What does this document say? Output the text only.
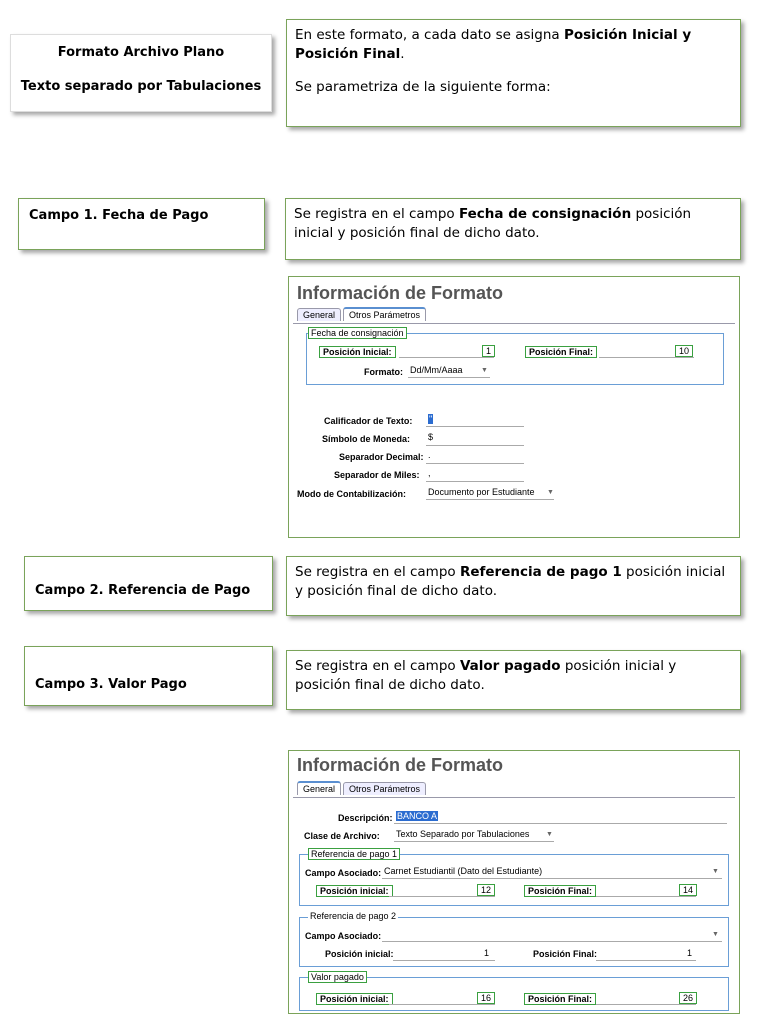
Formato Archivo Plano
Texto separado por Tabulaciones
En este formato, a cada dato se asigna Posición Inicial y Posición Final.
Se parametriza de la siguiente forma:
Campo 1. Fecha de Pago	Se registra en el campo Fecha de consignación posición inicial y posición final de dicho dato.
Información de Formato
General Otros Parámetros
Fecha de consignación
Posición Inicial:	1	Posición Final:	10
Formato: Dd/Mm/Aaaa	▼
Calificador de Texto: "
Símbolo de Moneda: $
Separador Decimal: .
Separador de Miles: ,
Modo de Contabilización: Documento por Estudiante ▼
Campo 2. Referencia de Pago
Se registra en el campo Referencia de pago 1 posición inicial y posición final de dicho dato.
Campo 3. Valor Pago
Se registra en el campo Valor pagado posición inicial y posición final de dicho dato.
Información de Formato
General Otros Parámetros
Descripción: BANCO A
Clase de Archivo: Texto Separado por Tabulaciones ▼
Referencia de pago 1
Campo Asociado: Carnet Estudiantil (Dato del Estudiante)	▼
Posición inicial:	12	Posición Final:	14
Referencia de pago 2
Campo Asociado:	▼
Posición inicial:	1	Posición Final:	1
Valor pagado
Posición inicial:	16	Posición Final:	26
